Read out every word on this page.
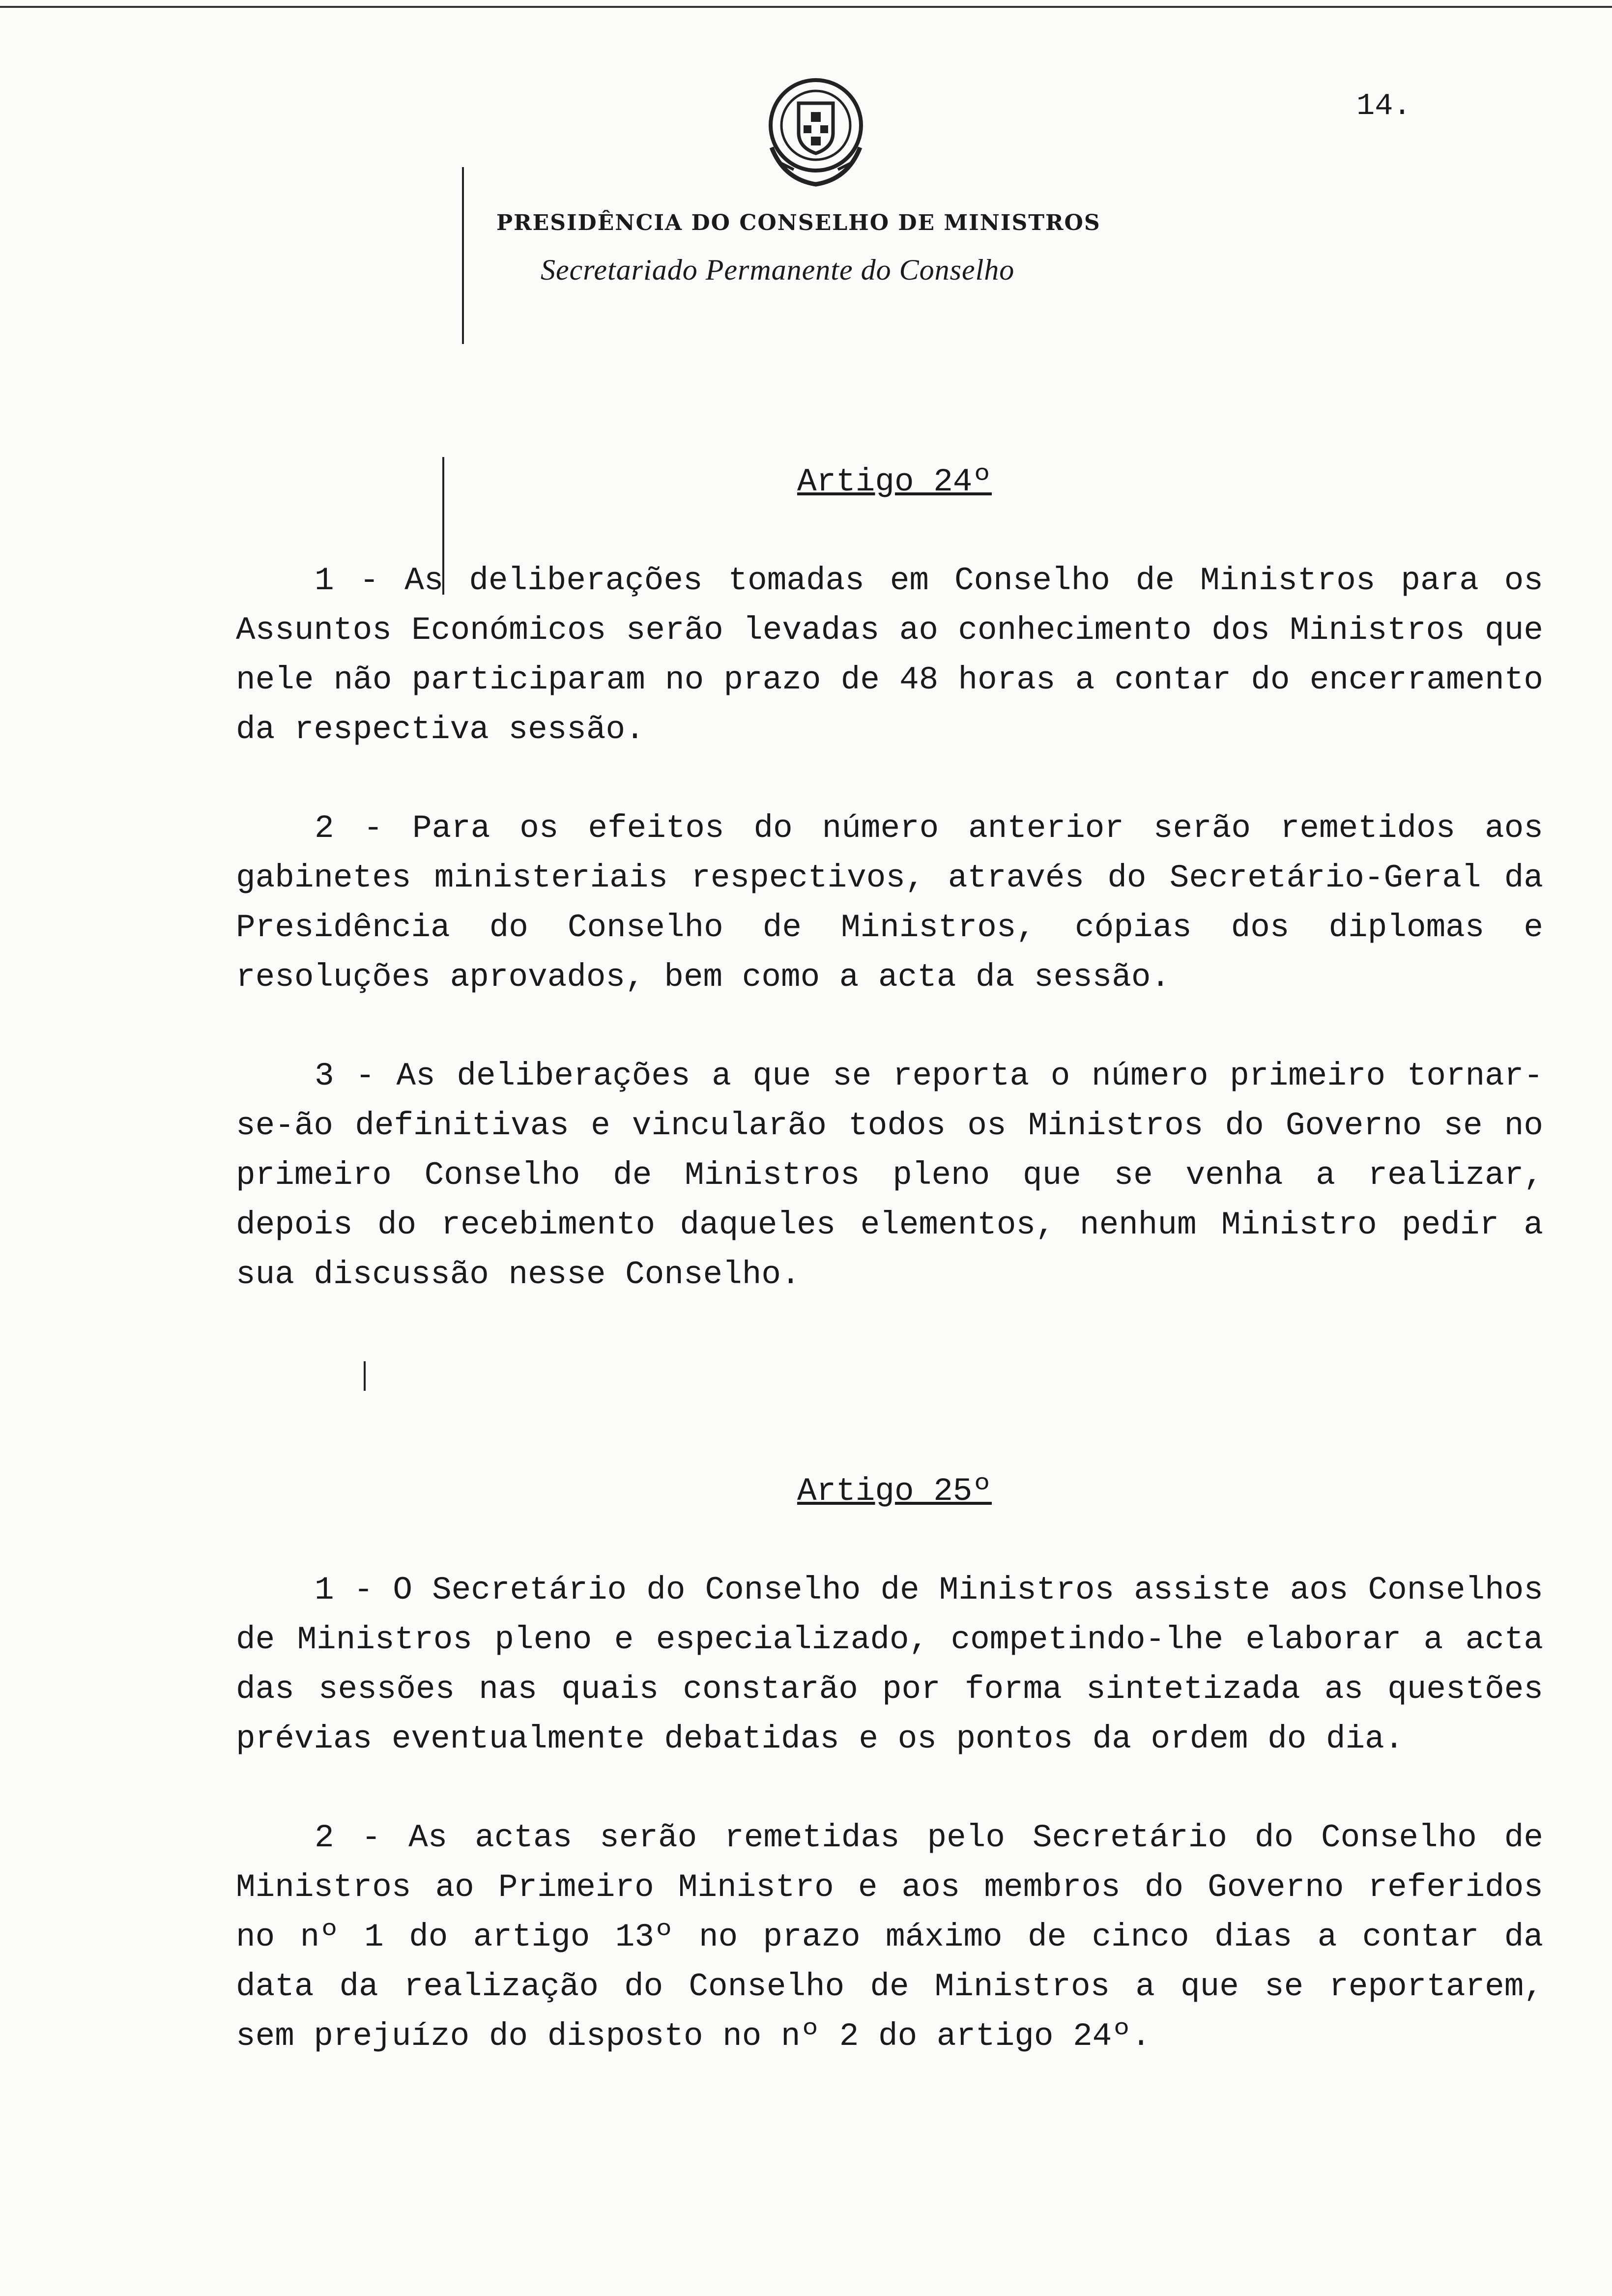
14.
PRESIDÊNCIA DO CONSELHO DE MINISTROS
Secretariado Permanente do Conselho
Artigo 24º

1 - As deliberações tomadas em Conselho de Ministros para os Assuntos Económicos serão levadas ao conhecimento dos Ministros que nele não participaram no prazo de 48 horas a contar do encerramento da respectiva sessão.

2 - Para os efeitos do número anterior serão remetidos aos gabinetes ministeriais respectivos, através do Secretário-Geral da Presidência do Conselho de Ministros, cópias dos diplomas e resoluções aprovados, bem como a acta da sessão.

3 - As deliberações a que se reporta o número primeiro tornar-se-ão definitivas e vincularão todos os Ministros do Governo se no primeiro Conselho de Ministros pleno que se venha a realizar, depois do recebimento daqueles elementos, nenhum Ministro pedir a sua discussão nesse Conselho.

Artigo 25º

1 - O Secretário do Conselho de Ministros assiste aos Conselhos de Ministros pleno e especializado, competindo-lhe elaborar a acta das sessões nas quais constarão por forma sintetizada as questões prévias eventualmente debatidas e os pontos da ordem do dia.

2 - As actas serão remetidas pelo Secretário do Conselho de Ministros ao Primeiro Ministro e aos membros do Governo referidos no nº 1 do artigo 13º no prazo máximo de cinco dias a contar da data da realização do Conselho de Ministros a que se reportarem, sem prejuízo do disposto no nº 2 do artigo 24º.
